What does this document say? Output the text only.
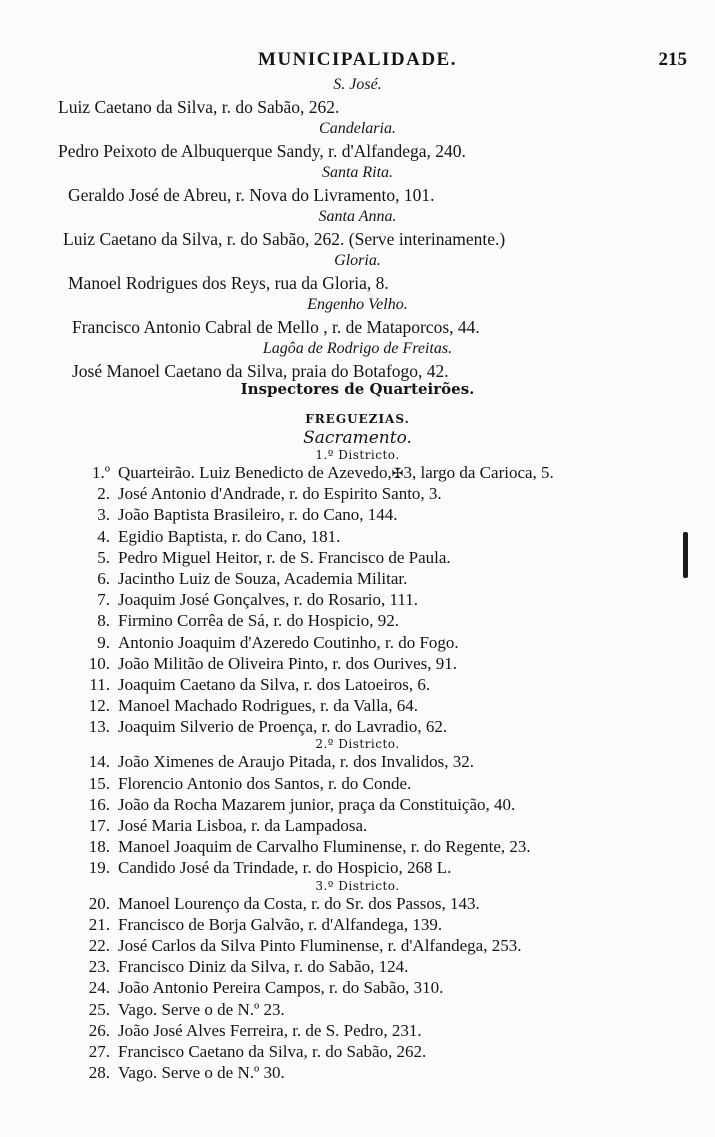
MUNICIPALIDADE.	215
S. José.
Luiz Caetano da Silva, r. do Sabão, 262.
Candelaria.
Pedro Peixoto de Albuquerque Sandy, r. d'Alfandega, 240.
Santa Rita.
Geraldo José de Abreu, r. Nova do Livramento, 101.
Santa Anna.
Luiz Caetano da Silva, r. do Sabão, 262. (Serve interinamente.)
Gloria.
Manoel Rodrigues dos Reys, rua da Gloria, 8.
Engenho Velho.
Francisco Antonio Cabral de Mello , r. de Mataporcos, 44.
Lagôa de Rodrigo de Freitas.
José Manoel Caetano da Silva, praia do Botafogo, 42.
Inspectores de Quarteirões.
FREGUEZIAS.
Sacramento.
1.º Districto.
1.º Quarteirão. Luiz Benedicto de Azevedo,✠3, largo da Carioca, 5.
2. José Antonio d'Andrade, r. do Espirito Santo, 3.
3. João Baptista Brasileiro, r. do Cano, 144.
4. Egidio Baptista, r. do Cano, 181.
5. Pedro Miguel Heitor, r. de S. Francisco de Paula.
6. Jacintho Luiz de Souza, Academia Militar.
7. Joaquim José Gonçalves, r. do Rosario, 111.
8. Firmino Corrêa de Sá, r. do Hospicio, 92.
9. Antonio Joaquim d'Azeredo Coutinho, r. do Fogo.
10. João Militão de Oliveira Pinto, r. dos Ourives, 91.
11. Joaquim Caetano da Silva, r. dos Latoeiros, 6.
12. Manoel Machado Rodrigues, r. da Valla, 64.
13. Joaquim Silverio de Proença, r. do Lavradio, 62.
2.º Districto.
14. João Ximenes de Araujo Pitada, r. dos Invalidos, 32.
15. Florencio Antonio dos Santos, r. do Conde.
16. João da Rocha Mazarem junior, praça da Constituição, 40.
17. José Maria Lisboa, r. da Lampadosa.
18. Manoel Joaquim de Carvalho Fluminense, r. do Regente, 23.
19. Candido José da Trindade, r. do Hospicio, 268 L.
3.º Districto.
20. Manoel Lourenço da Costa, r. do Sr. dos Passos, 143.
21. Francisco de Borja Galvão, r. d'Alfandega, 139.
22. José Carlos da Silva Pinto Fluminense, r. d'Alfandega, 253.
23. Francisco Diniz da Silva, r. do Sabão, 124.
24. João Antonio Pereira Campos, r. do Sabão, 310.
25. Vago. Serve o de N.º 23.
26. João José Alves Ferreira, r. de S. Pedro, 231.
27. Francisco Caetano da Silva, r. do Sabão, 262.
28. Vago. Serve o de N.º 30.
